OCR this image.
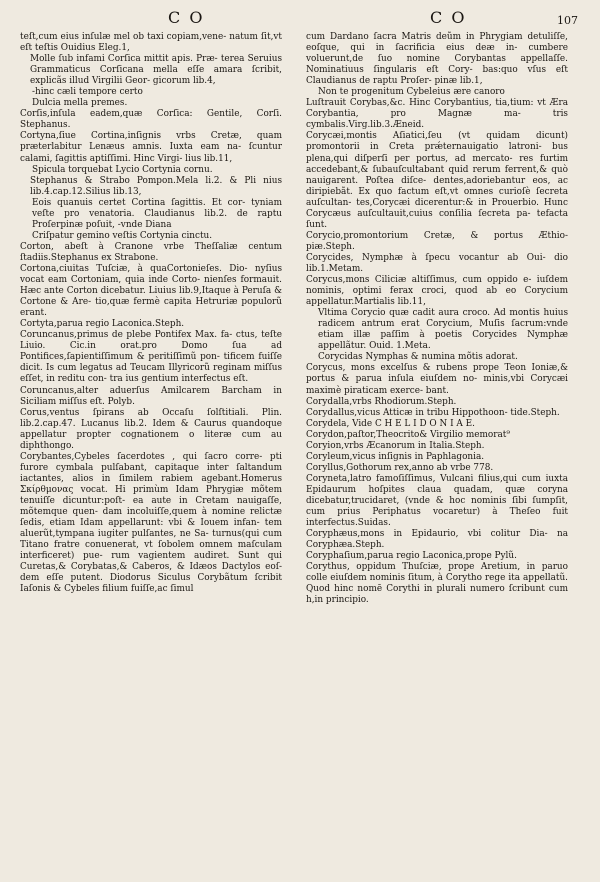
C O	C O	107

teſt,cum eius inſulæ mel ob taxi copiam,vene‑ natum ſit,vt eſt teſtis Ouidius Eleg.1,

Molle ſub infami Corſica mittit apis. Præ‑ terea Seruius Grammaticus Corſicana mella eſſe amara ſcribit, explicãs illud Virgilii Geor‑ gicorum lib.4,

‑hinc cæli tempore certo

Dulcia mella premes.

Corſis,inſula eadem,quæ Corſica: Gentile, Corſi. Stephanus.

Cortyna,ſiue Cortina,inſignis vrbs Cretæ, quam præterlabitur Lenæus amnis. Iuxta eam na‑ ſcuntur calami, ſagittis aptiſſimi. Hinc Virgi‑ lius lib.11,

Spicula torquebat Lycio Cortynia cornu.

Stephanus & Strabo Pompon.Mela li.2. & Pli nius lib.4.cap.12.Silius lib.13,

Eois quanuis certet Cortina ſagittis. Et cor‑ tyniam veſte pro venatoria. Claudianus lib.2. de raptu Proſerpinæ poſuit, ‑vnde Diana

Criſpatur gemino veſtis Cortynia cinctu.

Corton, abeſt à Cranone vrbe Theſſaliæ centum ſtadiis.Stephanus ex Strabone.

Cortona,ciuitas Tuſciæ, à quaCortonieſes. Dio‑ nyſius vocat eam Cortoniam, quia inde Corto‑ nienſes formauit. Hæc ante Corton dicebatur. Liuius lib.9,Itaque à Peruſa & Cortone & Are‑ tio,quæ fermè capita Hetruriæ populorũ erant.

Cortyta,parua regio Laconica.Steph.

Coruncanus,primus de plebe Pontifex Max. fa‑ ctus, teſte Liuio. Cic.in orat.pro Domo ſua ad Pontifices,ſapientiſſimum & peritiſſimũ pon‑ tificem fuiſſe dicit. Is cum legatus ad Teucam Illyricorũ reginam miſſus eſſet, in reditu con‑ tra ius gentium interfectus eſt.

Coruncanus,alter aduerſus Amilcarem Barcham in Siciliam miſſus eſt. Polyb.

Corus,ventus ſpirans ab Occaſu ſolſtitiali. Plin. lib.2.cap.47. Lucanus lib.2. Idem & Caurus quandoque appellatur propter cognationem o literæ cum au diphthongo.

Corybantes,Cybeles ſacerdotes , qui ſacro corre‑ pti furore cymbala pulſabant, capitaque inter ſaltandum iactantes, alios in ſimilem rabiem agebant.Homerus Σκίρθμονας vocat. Hi primùm Idam Phrygiæ mõtem tenuiſſe dicuntur:poſt‑ ea aute in Cretam nauigaſſe, mõtemque quen‑ dam incoluiſſe,quem à nomine relictæ ſedis, etiam Idam appellarunt: vbi & Iouem infan‑ tem aluerũt,tympana iugiter pulſantes, ne Sa‑ turnus(qui cum Titano fratre conuenerat, vt ſobolem omnem maſculam interficeret) pue‑ rum vagientem audiret. Sunt qui Curetas,& Corybatas,& Caberos, & Idæos Dactylos eoſ‑ dem eſſe putent. Diodorus Siculus Corybãtum ſcribit Iaſonis & Cybeles filium fuiſſe,ac ſimul

cum Dardano ſacra Matris deũm in Phrygiam detuliſſe, eoſque, qui in ſacrificia eius deæ in‑ cumbere voluerunt,de ſuo nomine Corybantas appellaſſe. Nominatiuus ſingularis eſt Cory‑ bas:quo vſus eſt Claudianus de raptu Proſer‑ pinæ lib.1,

Non te progenitum Cybeleius ære canoro

Luſtrauit Corybas,&c. Hinc Corybantius, tia,tium: vt Æra Corybantia, pro Magnæ ma‑ tris cymbalis.Virg.lib.3.Æneid.

Corycæi,montis Aſiatici,ſeu (vt quidam dicunt) promontorii in Creta prǽternauigatio latroni‑ bus plena,qui diſperſi per portus, ad mercato‑ res furtim accedebant,& ſubauſcultabant quid rerum ferrent,& quò nauigarent. Poſtea diſce‑ dentes,adoriebantur eos, ac diripiebãt. Ex quo factum eſt,vt omnes curioſè ſecreta auſcultan‑ tes,Corycæi dicerentur:& in Prouerbio. Hunc Corycæus auſcultauit,cuius conſilia ſecreta pa‑ tefacta ſunt.

Corycio,promontorium Cretæ, & portus Æthio‑ piæ.Steph.

Corycides, Nymphæ à ſpecu vocantur ab Oui‑ dio lib.1.Metam.

Corycus,mons Ciliciæ altiſſimus, cum oppido e‑ iuſdem nominis, optimi ferax croci, quod ab eo Corycium appellatur.Martialis lib.11,

Vltima Corycio quæ cadit aura croco. Ad montis huius radicem antrum erat Corycium, Muſis ſacrum:vnde etiam illæ paſſim à poetis Corycides Nymphæ appellãtur. Ouid. 1.Meta.

Corycidas Nymphas & numina mõtis adorat.

Corycus, mons excelſus & rubens prope Teon Ioniæ,& portus & parua inſula eiuſdem no‑ minis,vbi Corycæi maximè piraticam exerce‑ bant.

Corydalla,vrbs Rhodiorum.Steph.

Corydallus,vicus Atticæ in tribu Hippothoon‑ tide.Steph.

Corydela, Vide C H E L I D O N I A E.

Corydon,paſtor,Theocrito& Virgilio memorat⁹

Coryion,vrbs Æcanorum in Italia.Steph.

Coryleum,vicus inſignis in Paphlagonia.

Coryllus,Gothorum rex,anno ab vrbe 778.

Coryneta,latro famoſiſſimus, Vulcani filius,qui cum iuxta Epidaurum hoſpites claua quadam, quæ coryna dicebatur,trucidaret, (vnde & hoc nominis ſibi ſumpſit, cum prius Periphatus vocaretur) à Theſeo fuit interfectus.Suidas.

Coryphæus,mons in Epidaurio, vbi colitur Dia‑ na Coryphæa.Steph.

Coryphaſium,parua regio Laconica,prope Pylũ.

Corythus, oppidum Thuſciæ, prope Aretium, in paruo colle eiuſdem nominis ſitum, à Corytho rege ita appellatũ. Quod hinc nomē Corythi in plurali numero ſcribunt cum h,in principio.
